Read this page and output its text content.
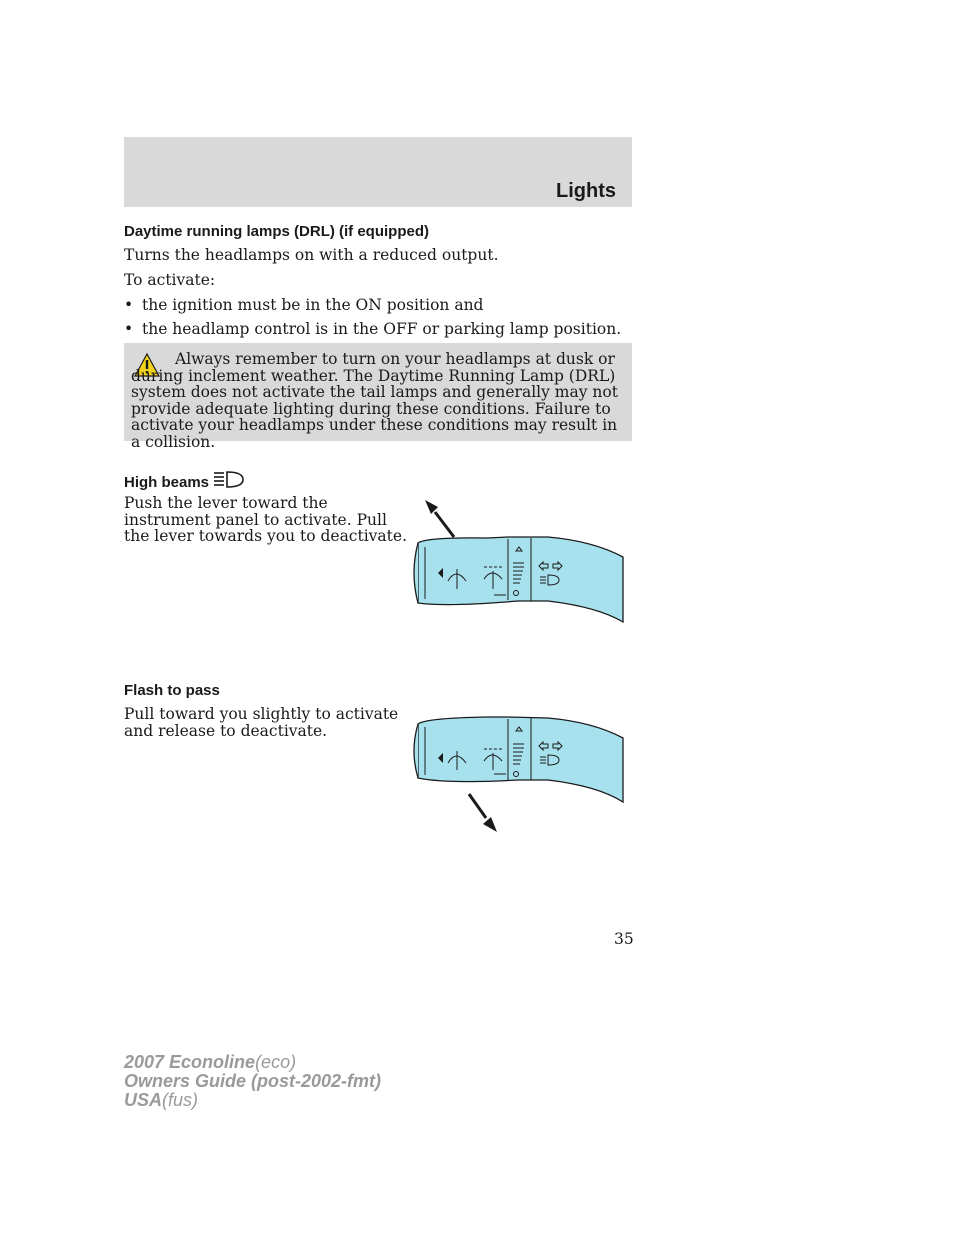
Lights
Daytime running lamps (DRL) (if equipped)
Turns the headlamps on with a reduced output.
To activate:
• the ignition must be in the ON position and
• the headlamp control is in the OFF or parking lamp position.
Always remember to turn on your headlamps at dusk or during inclement weather. The Daytime Running Lamp (DRL) system does not activate the tail lamps and generally may not provide adequate lighting during these conditions. Failure to activate your headlamps under these conditions may result in a collision.
High beams
Push the lever toward the
instrument panel to activate. Pull
the lever towards you to deactivate.
Flash to pass
Pull toward you slightly to activate
and release to deactivate.
35
2007 Econoline(eco)
Owners Guide (post-2002-fmt)
USA(fus)
